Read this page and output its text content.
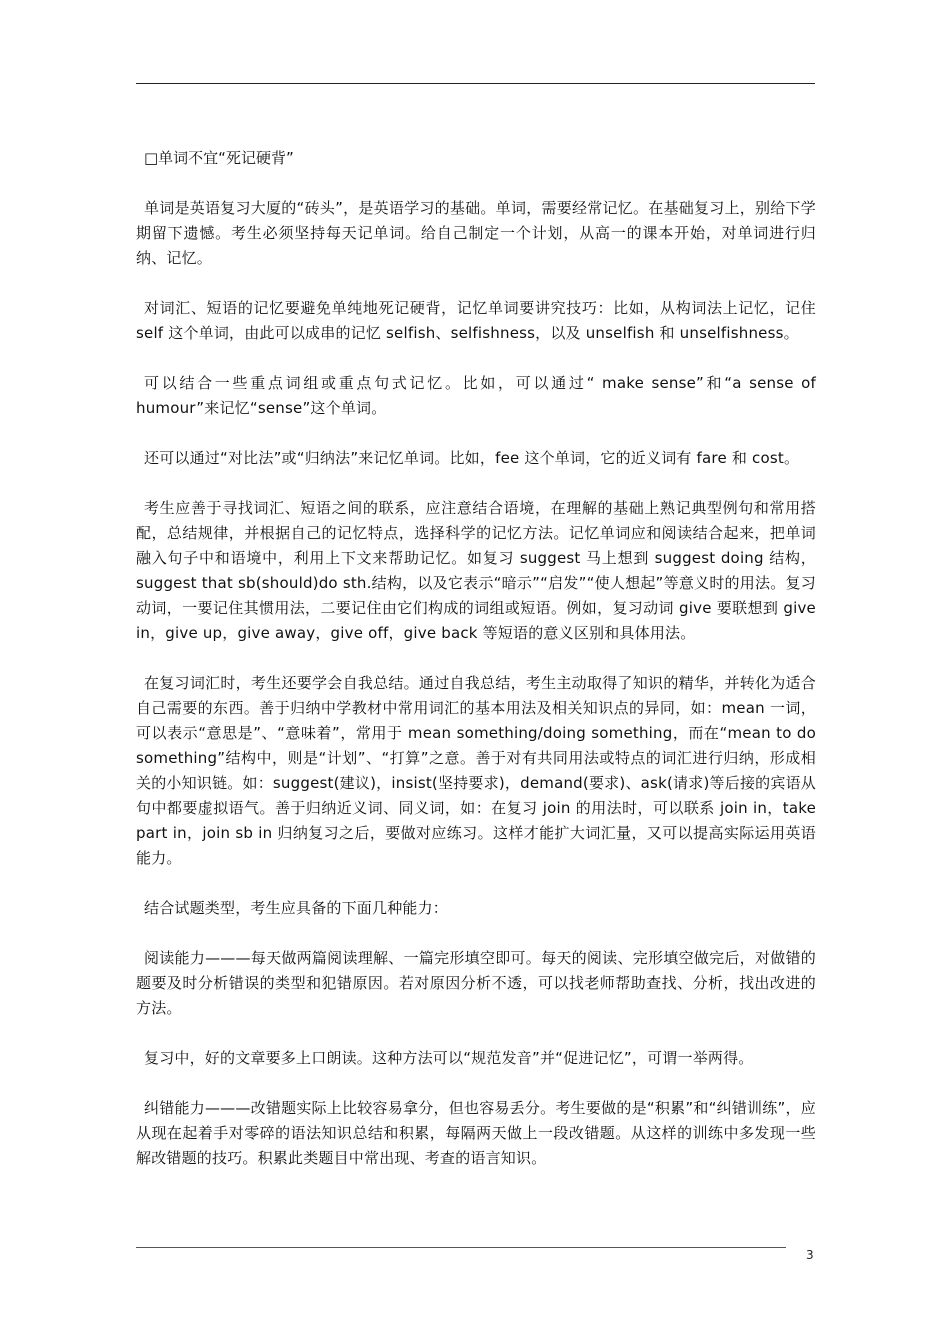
□单词不宜“死记硬背”

单词是英语复习大厦的“砖头”，是英语学习的基础。单词，需要经常记忆。在基础复习上，别给下学期留下遗憾。考生必须坚持每天记单词。给自己制定一个计划，从高一的课本开始，对单词进行归纳、记忆。

对词汇、短语的记忆要避免单纯地死记硬背，记忆单词要讲究技巧：比如，从构词法上记忆，记住 self 这个单词，由此可以成串的记忆 selfish、selfishness，以及 unselfish 和 unselfishness。

可以结合一些重点词组或重点句式记忆。比如，可以通过“ make sense”和“a sense of humour”来记忆“sense”这个单词。

还可以通过“对比法”或“归纳法”来记忆单词。比如，fee 这个单词，它的近义词有 fare 和 cost。

考生应善于寻找词汇、短语之间的联系，应注意结合语境，在理解的基础上熟记典型例句和常用搭配，总结规律，并根据自己的记忆特点，选择科学的记忆方法。记忆单词应和阅读结合起来，把单词融入句子中和语境中，利用上下文来帮助记忆。如复习 suggest 马上想到 suggest doing 结构，suggest that sb(should)do sth.结构，以及它表示“暗示”“启发”“使人想起”等意义时的用法。复习动词，一要记住其惯用法，二要记住由它们构成的词组或短语。例如，复习动词 give 要联想到 give in，give up，give away，give off，give back 等短语的意义区别和具体用法。

在复习词汇时，考生还要学会自我总结。通过自我总结，考生主动取得了知识的精华，并转化为适合自己需要的东西。善于归纳中学教材中常用词汇的基本用法及相关知识点的异同，如：mean 一词，可以表示“意思是”、“意味着”，常用于 mean something/doing something，而在“mean to do something”结构中，则是“计划”、“打算”之意。善于对有共同用法或特点的词汇进行归纳，形成相关的小知识链。如：suggest(建议)，insist(坚持要求)，demand(要求)、ask(请求)等后接的宾语从句中都要虚拟语气。善于归纳近义词、同义词，如：在复习 join 的用法时，可以联系 join in，take part in，join sb in 归纳复习之后，要做对应练习。这样才能扩大词汇量，又可以提高实际运用英语能力。

结合试题类型，考生应具备的下面几种能力：

阅读能力———每天做两篇阅读理解、一篇完形填空即可。每天的阅读、完形填空做完后，对做错的题要及时分析错误的类型和犯错原因。若对原因分析不透，可以找老师帮助查找、分析，找出改进的方法。

复习中，好的文章要多上口朗读。这种方法可以“规范发音”并“促进记忆”，可谓一举两得。

纠错能力———改错题实际上比较容易拿分，但也容易丢分。考生要做的是“积累”和“纠错训练”，应从现在起着手对零碎的语法知识总结和积累，每隔两天做上一段改错题。从这样的训练中多发现一些解改错题的技巧。积累此类题目中常出现、考查的语言知识。

3
